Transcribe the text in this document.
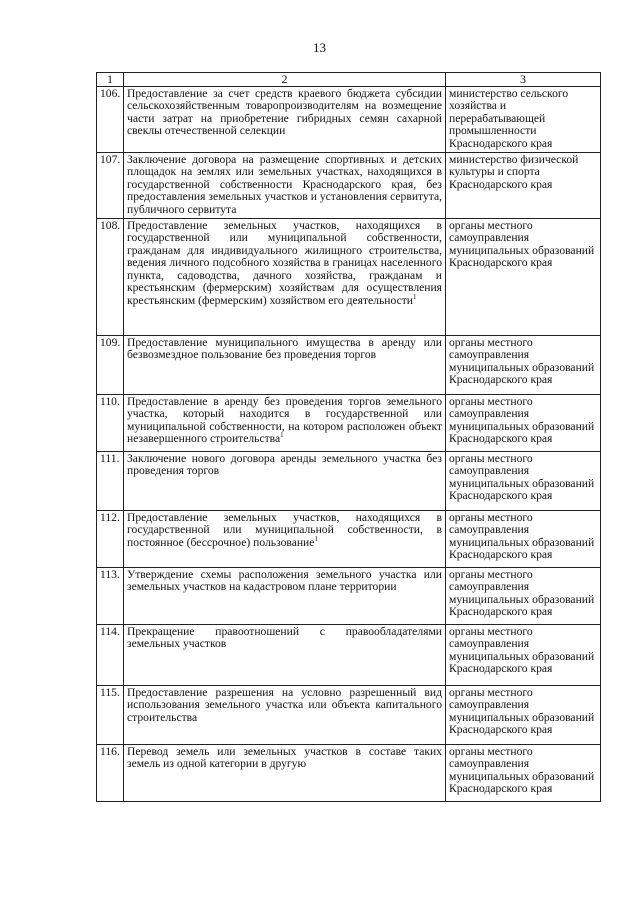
13
1	2	3
106.	Предоставление за счет средств краевого бюджета субсидии сельскохозяйственным товаропроизводителям на возмещение части затрат на приобретение гибридных семян сахарной свеклы отечественной селекции	министерство сельского хозяйства и перерабатывающей промышленности Краснодарского края
107.	Заключение договора на размещение спортивных и детских площадок на землях или земельных участках, находящихся в государственной собственности Краснодарского края, без предоставления земельных участков и установления сервитута, публичного сервитута	министерство физической культуры и спорта Краснодарского края
108.	Предоставление земельных участков, находящихся в государственной или муниципальной собственности, гражданам для индивидуального жилищного строительства, ведения личного подсобного хозяйства в границах населенного пункта, садоводства, дачного хозяйства, гражданам и крестьянским (фермерским) хозяйствам для осуществления крестьянским (фермерским) хозяйством его деятельности$^1$	органы местного самоуправления муниципальных образований Краснодарского края
109.	Предоставление муниципального имущества в аренду или безвозмездное пользование без проведения торгов	органы местного самоуправления муниципальных образований Краснодарского края
110.	Предоставление в аренду без проведения торгов земельного участка, который находится в государственной или муниципальной собственности, на котором расположен объект незавершенного строительства$^1$	органы местного самоуправления муниципальных образований Краснодарского края
111.	Заключение нового договора аренды земельного участка без проведения торгов	органы местного самоуправления муниципальных образований Краснодарского края
112.	Предоставление земельных участков, находящихся в государственной или муниципальной собственности, в постоянное (бессрочное) пользование$^1$	органы местного самоуправления муниципальных образований Краснодарского края
113.	Утверждение схемы расположения земельного участка или земельных участков на кадастровом плане территории	органы местного самоуправления муниципальных образований Краснодарского края
114.	Прекращение правоотношений с правообладателями земельных участков	органы местного самоуправления муниципальных образований Краснодарского края
115.	Предоставление разрешения на условно разрешенный вид использования земельного участка или объекта капитального строительства	органы местного самоуправления муниципальных образований Краснодарского края
116.	Перевод земель или земельных участков в составе таких земель из одной категории в другую	органы местного самоуправления муниципальных образований Краснодарского края
